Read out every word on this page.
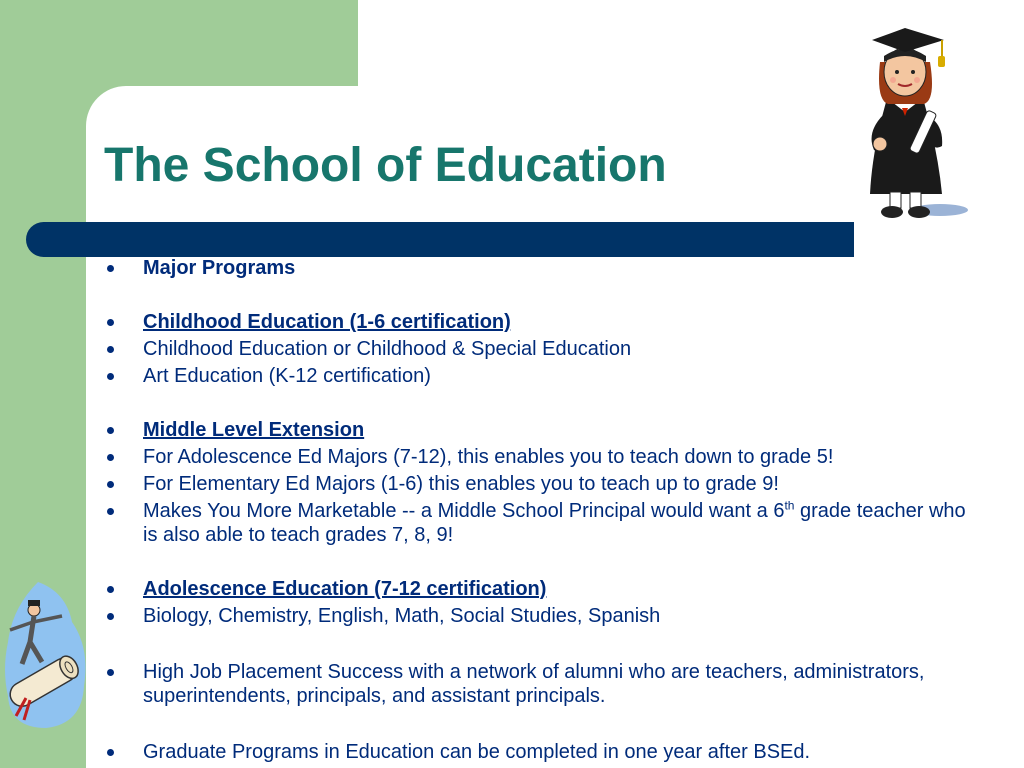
The School of Education
Major Programs
Childhood Education (1-6 certification)
Childhood Education or Childhood & Special Education
Art Education (K-12 certification)
Middle Level Extension
For Adolescence Ed Majors (7-12), this enables you to teach down to grade 5!
For Elementary Ed Majors (1-6) this enables you to teach up to grade 9!
Makes You More Marketable -- a Middle School Principal would want a 6th grade teacher who is also able to teach grades 7, 8, 9!
Adolescence Education (7-12 certification)
Biology, Chemistry, English, Math, Social Studies, Spanish
High Job Placement Success with a network of alumni who are teachers, administrators, superintendents, principals, and assistant principals.
Graduate Programs in Education can be completed in one year after BSEd.
